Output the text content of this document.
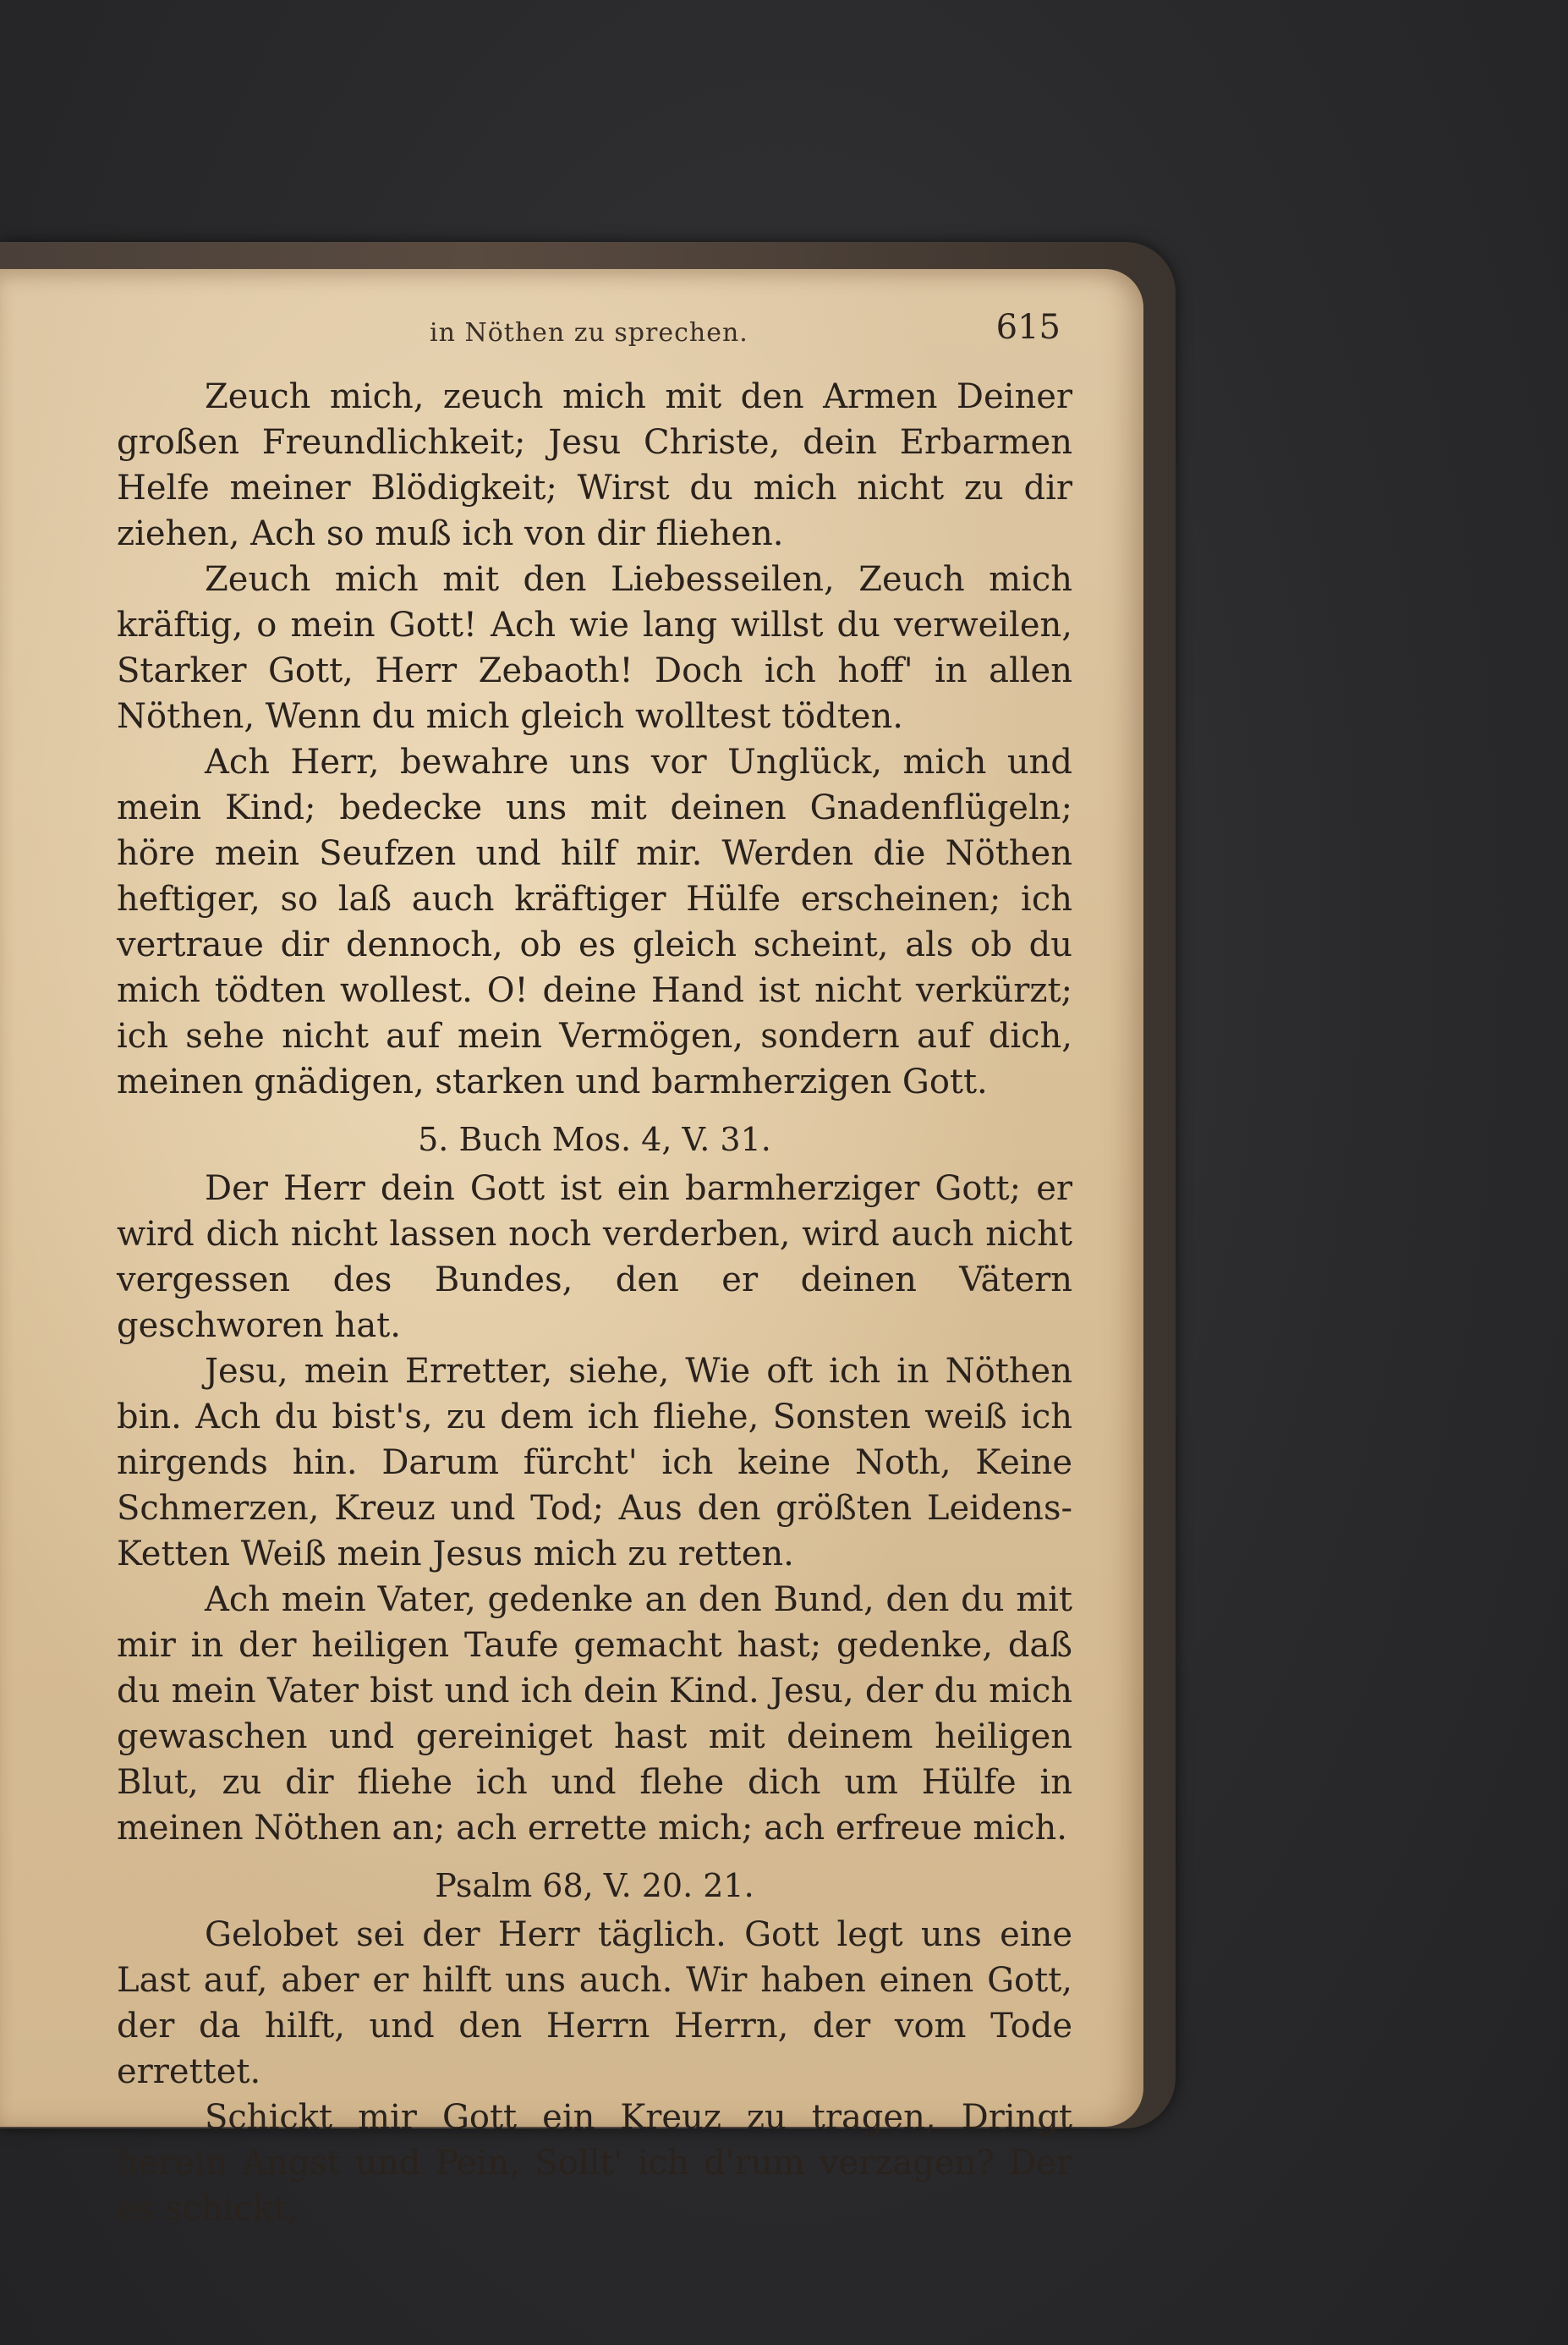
in Nöthen zu sprechen.	615

Zeuch mich, zeuch mich mit den Armen Deiner großen Freundlichkeit; Jesu Christe, dein Erbarmen Helfe meiner Blödigkeit; Wirst du mich nicht zu dir ziehen, Ach so muß ich von dir fliehen.

Zeuch mich mit den Liebesseilen, Zeuch mich kräftig, o mein Gott! Ach wie lang willst du verweilen, Starker Gott, Herr Zebaoth! Doch ich hoff' in allen Nöthen, Wenn du mich gleich wolltest tödten.

Ach Herr, bewahre uns vor Unglück, mich und mein Kind; bedecke uns mit deinen Gnadenflügeln; höre mein Seufzen und hilf mir. Werden die Nöthen heftiger, so laß auch kräftiger Hülfe erscheinen; ich vertraue dir dennoch, ob es gleich scheint, als ob du mich tödten wollest. O! deine Hand ist nicht verkürzt; ich sehe nicht auf mein Vermögen, sondern auf dich, meinen gnädigen, starken und barmherzigen Gott.

5. Buch Mos. 4, V. 31.

Der Herr dein Gott ist ein barmherziger Gott; er wird dich nicht lassen noch verderben, wird auch nicht vergessen des Bundes, den er deinen Vätern geschworen hat.

Jesu, mein Erretter, siehe, Wie oft ich in Nöthen bin. Ach du bist's, zu dem ich fliehe, Sonsten weiß ich nirgends hin. Darum fürcht' ich keine Noth, Keine Schmerzen, Kreuz und Tod; Aus den größten Leidens-Ketten Weiß mein Jesus mich zu retten.

Ach mein Vater, gedenke an den Bund, den du mit mir in der heiligen Taufe gemacht hast; gedenke, daß du mein Vater bist und ich dein Kind. Jesu, der du mich gewaschen und gereiniget hast mit deinem heiligen Blut, zu dir fliehe ich und flehe dich um Hülfe in meinen Nöthen an; ach errette mich; ach erfreue mich.

Psalm 68, V. 20. 21.

Gelobet sei der Herr täglich. Gott legt uns eine Last auf, aber er hilft uns auch. Wir haben einen Gott, der da hilft, und den Herrn Herrn, der vom Tode errettet.

Schickt mir Gott ein Kreuz zu tragen, Dringt herein Angst und Pein, Sollt' ich d'rum verzagen? Der es schickt,
